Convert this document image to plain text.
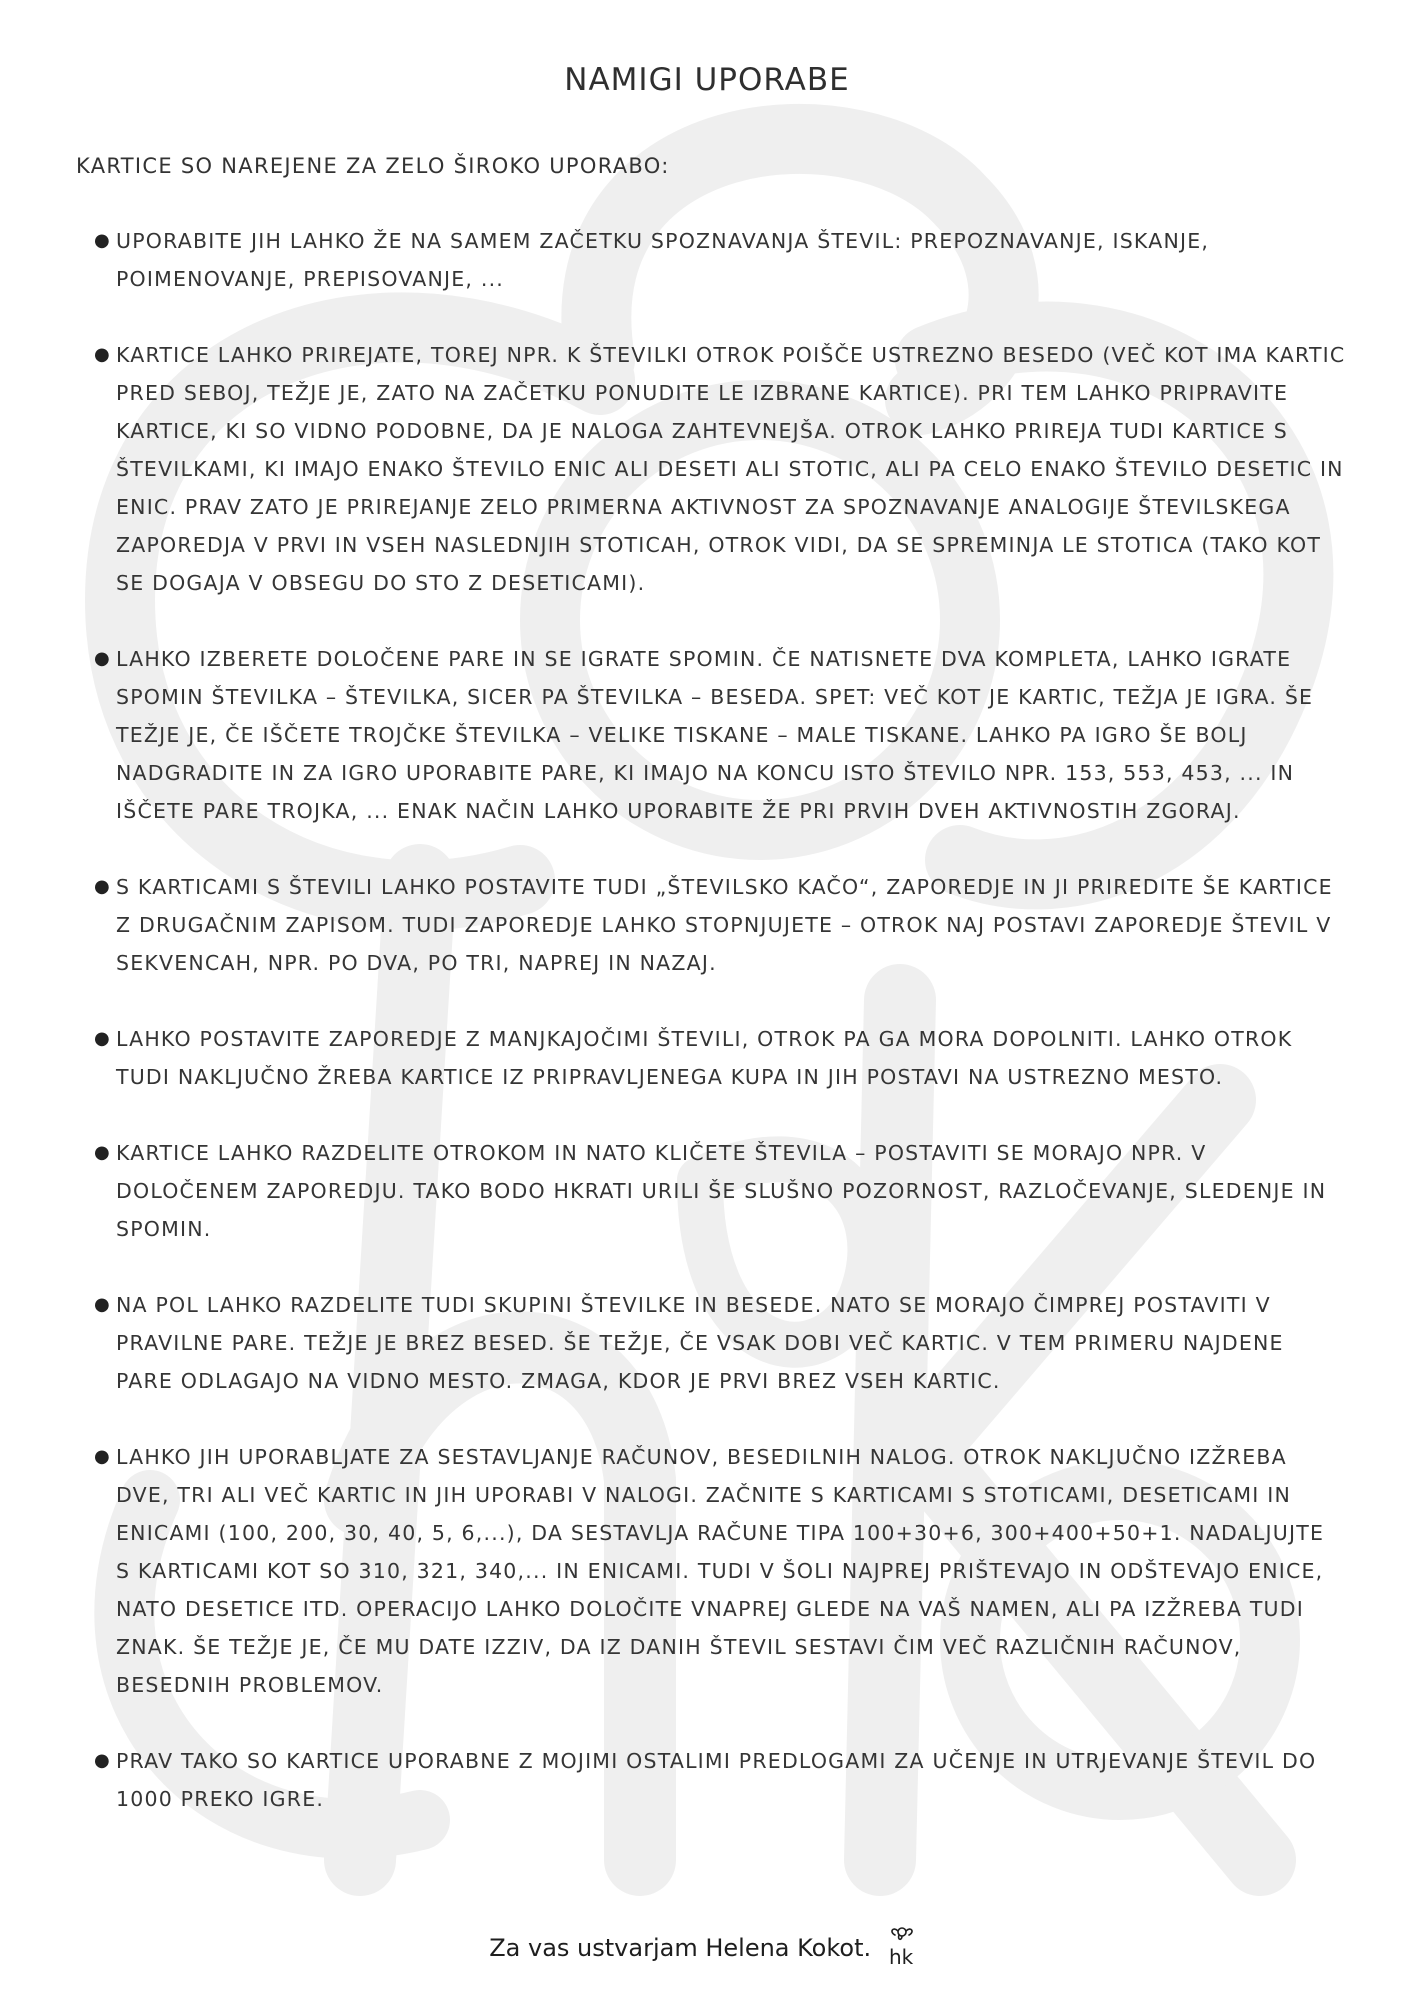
NAMIGI UPORABE
KARTICE SO NAREJENE ZA ZELO ŠIROKO UPORABO:
● UPORABITE JIH LAHKO ŽE NA SAMEM ZAČETKU SPOZNAVANJA ŠTEVIL: PREPOZNAVANJE, ISKANJE, POIMENOVANJE, PREPISOVANJE, ...
● KARTICE LAHKO PRIREJATE, TOREJ NPR. K ŠTEVILKI OTROK POIŠČE USTREZNO BESEDO (VEČ KOT IMA KARTIC PRED SEBOJ, TEŽJE JE, ZATO NA ZAČETKU PONUDITE LE IZBRANE KARTICE). PRI TEM LAHKO PRIPRAVITE KARTICE, KI SO VIDNO PODOBNE, DA JE NALOGA ZAHTEVNEJŠA. OTROK LAHKO PRIREJA TUDI KARTICE S ŠTEVILKAMI, KI IMAJO ENAKO ŠTEVILO ENIC ALI DESETI ALI STOTIC, ALI PA CELO ENAKO ŠTEVILO DESETIC IN ENIC. PRAV ZATO JE PRIREJANJE ZELO PRIMERNA AKTIVNOST ZA SPOZNAVANJE ANALOGIJE ŠTEVILSKEGA ZAPOREDJA V PRVI IN VSEH NASLEDNJIH STOTICAH, OTROK VIDI, DA SE SPREMINJA LE STOTICA (TAKO KOT SE DOGAJA V OBSEGU DO STO Z DESETICAMI).
● LAHKO IZBERETE DOLOČENE PARE IN SE IGRATE SPOMIN. ČE NATISNETE DVA KOMPLETA, LAHKO IGRATE SPOMIN ŠTEVILKA – ŠTEVILKA, SICER PA ŠTEVILKA – BESEDA. SPET: VEČ KOT JE KARTIC, TEŽJA JE IGRA. ŠE TEŽJE JE, ČE IŠČETE TROJČKE ŠTEVILKA – VELIKE TISKANE – MALE TISKANE. LAHKO PA IGRO ŠE BOLJ NADGRADITE IN ZA IGRO UPORABITE PARE, KI IMAJO NA KONCU ISTO ŠTEVILO NPR. 153, 553, 453, ... IN IŠČETE PARE TROJKA, ... ENAK NAČIN LAHKO UPORABITE ŽE PRI PRVIH DVEH AKTIVNOSTIH ZGORAJ.
● S KARTICAMI S ŠTEVILI LAHKO POSTAVITE TUDI „ŠTEVILSKO KAČO“, ZAPOREDJE IN JI PRIREDITE ŠE KARTICE Z DRUGAČNIM ZAPISOM. TUDI ZAPOREDJE LAHKO STOPNJUJETE – OTROK NAJ POSTAVI ZAPOREDJE ŠTEVIL V SEKVENCAH, NPR. PO DVA, PO TRI, NAPREJ IN NAZAJ.
● LAHKO POSTAVITE ZAPOREDJE Z MANJKAJOČIMI ŠTEVILI, OTROK PA GA MORA DOPOLNITI. LAHKO OTROK TUDI NAKLJUČNO ŽREBA KARTICE IZ PRIPRAVLJENEGA KUPA IN JIH POSTAVI NA USTREZNO MESTO.
● KARTICE LAHKO RAZDELITE OTROKOM IN NATO KLIČETE ŠTEVILA – POSTAVITI SE MORAJO NPR. V DOLOČENEM ZAPOREDJU. TAKO BODO HKRATI URILI ŠE SLUŠNO POZORNOST, RAZLOČEVANJE, SLEDENJE IN SPOMIN.
● NA POL LAHKO RAZDELITE TUDI SKUPINI ŠTEVILKE IN BESEDE. NATO SE MORAJO ČIMPREJ POSTAVITI V PRAVILNE PARE. TEŽJE JE BREZ BESED. ŠE TEŽJE, ČE VSAK DOBI VEČ KARTIC. V TEM PRIMERU NAJDENE PARE ODLAGAJO NA VIDNO MESTO. ZMAGA, KDOR JE PRVI BREZ VSEH KARTIC.
● LAHKO JIH UPORABLJATE ZA SESTAVLJANJE RAČUNOV, BESEDILNIH NALOG. OTROK NAKLJUČNO IZŽREBA DVE, TRI ALI VEČ KARTIC IN JIH UPORABI V NALOGI. ZAČNITE S KARTICAMI S STOTICAMI, DESETICAMI IN ENICAMI (100, 200, 30, 40, 5, 6,...), DA SESTAVLJA RAČUNE TIPA 100+30+6, 300+400+50+1. NADALJUJTE S KARTICAMI KOT SO 310, 321, 340,... IN ENICAMI. TUDI V ŠOLI NAJPREJ PRIŠTEVAJO IN ODŠTEVAJO ENICE, NATO DESETICE ITD. OPERACIJO LAHKO DOLOČITE VNAPREJ GLEDE NA VAŠ NAMEN, ALI PA IZŽREBA TUDI ZNAK. ŠE TEŽJE JE, ČE MU DATE IZZIV, DA IZ DANIH ŠTEVIL SESTAVI ČIM VEČ RAZLIČNIH RAČUNOV, BESEDNIH PROBLEMOV.
● PRAV TAKO SO KARTICE UPORABNE Z MOJIMI OSTALIMI PREDLOGAMI ZA UČENJE IN UTRJEVANJE ŠTEVIL DO 1000 PREKO IGRE.
Za vas ustvarjam Helena Kokot. hk
